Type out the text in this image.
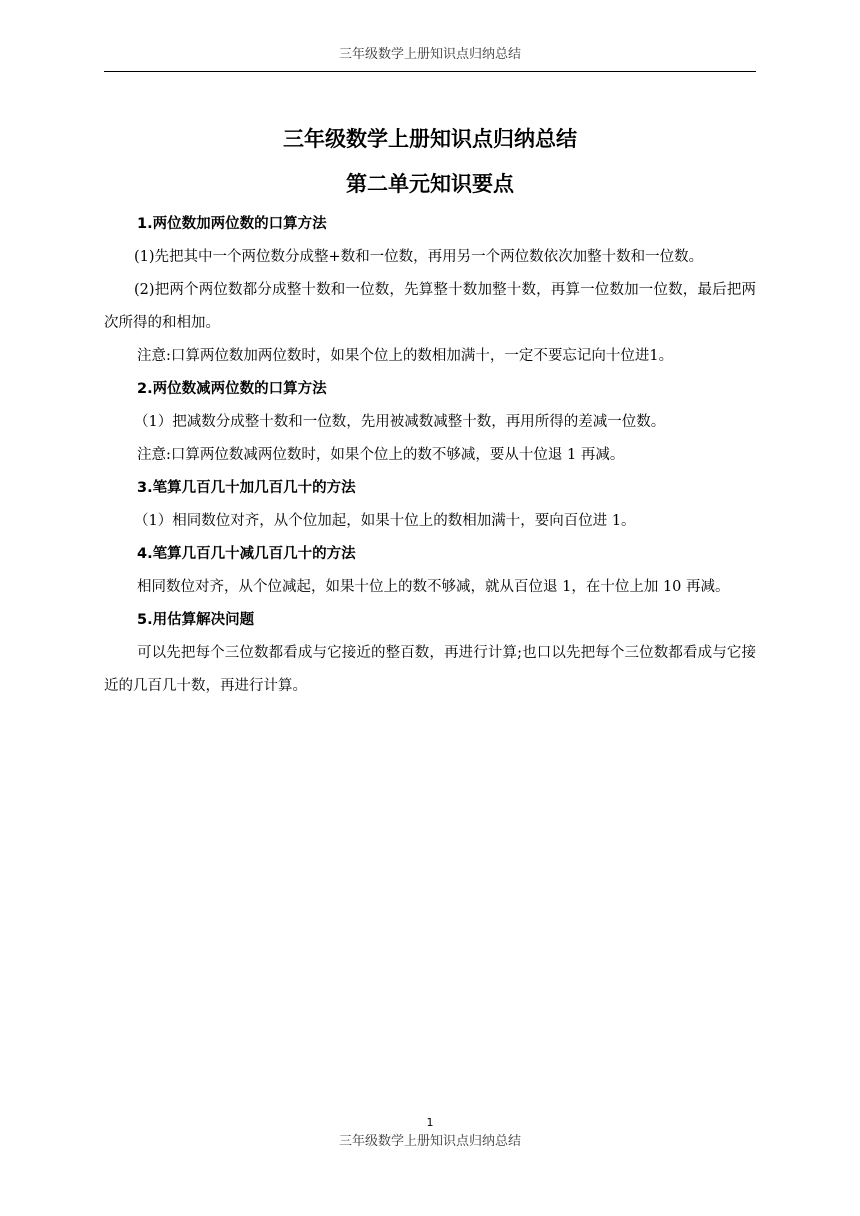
三年级数学上册知识点归纳总结
三年级数学上册知识点归纳总结
第二单元知识要点
1.两位数加两位数的口算方法

(1)先把其中一个两位数分成整+数和一位数，再用另一个两位数依次加整十数和一位数。

(2)把两个两位数都分成整十数和一位数，先算整十数加整十数，再算一位数加一位数，最后把两次所得的和相加。

注意:口算两位数加两位数时，如果个位上的数相加满十，一定不要忘记向十位进1。

2.两位数减两位数的口算方法

（1）把减数分成整十数和一位数，先用被减数减整十数，再用所得的差减一位数。

注意:口算两位数减两位数时，如果个位上的数不够减，要从十位退 1 再减。

3.笔算几百几十加几百几十的方法

（1）相同数位对齐，从个位加起，如果十位上的数相加满十，要向百位进 1。

4.笔算几百几十减几百几十的方法

相同数位对齐，从个位减起，如果十位上的数不够减，就从百位退 1，在十位上加 10 再减。

5.用估算解决问题

可以先把每个三位数都看成与它接近的整百数，再进行计算;也口以先把每个三位数都看成与它接近的几百几十数，再进行计算。

1
三年级数学上册知识点归纳总结
